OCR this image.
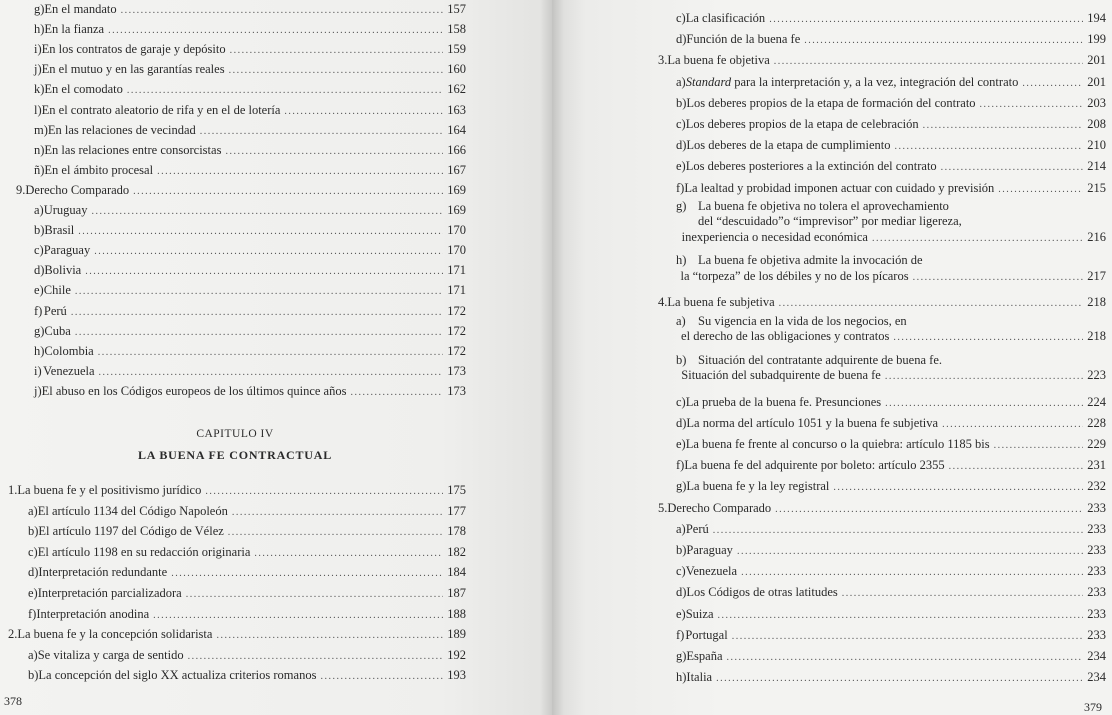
g) En el mandato .....	157
h) En la fianza .....	158
i) En los contratos de garaje y depósito .....	159
j) En el mutuo y en las garantías reales .....	160
k) En el comodato .....	162
l) En el contrato aleatorio de rifa y en el de lotería .....	163
m) En las relaciones de vecindad .....	164
n) En las relaciones entre consorcistas .....	166
ñ) En el ámbito procesal .....	167
9. Derecho Comparado .....	169
a) Uruguay .....	169
b) Brasil .....	170
c) Paraguay .....	170
d) Bolivia .....	171
e) Chile .....	171
f) Perú .....	172
g) Cuba .....	172
h) Colombia .....	172
i) Venezuela .....	173
j) El abuso en los Códigos europeos de los últimos quince años .....	173
CAPITULO IV
LA BUENA FE CONTRACTUAL
1. La buena fe y el positivismo jurídico .....	175
a) El artículo 1134 del Código Napoleón .....	177
b) El artículo 1197 del Código de Vélez .....	178
c) El artículo 1198 en su redacción originaria .....	182
d) Interpretación redundante .....	184
e) Interpretación parcializadora .....	187
f) Interpretación anodina .....	188
2. La buena fe y la concepción solidarista .....	189
a) Se vitaliza y carga de sentido .....	192
b) La concepción del siglo XX actualiza criterios romanos .....	193
378
c) La clasificación .....	194
d) Función de la buena fe .....	199
3. La buena fe objetiva .....	201
a) Standard para la interpretación y, a la vez, integración del contrato .....	201
b) Los deberes propios de la etapa de formación del contrato .....	203
c) Los deberes propios de la etapa de celebración .....	208
d) Los deberes de la etapa de cumplimiento .....	210
e) Los deberes posteriores a la extinción del contrato .....	214
f) La lealtad y probidad imponen actuar con cuidado y previsión .....	215
g) La buena fe objetiva no tolera el aprovechamiento
del “descuidado”o “imprevisor” por mediar ligereza,
inexperiencia o necesidad económica .....	216
h) La buena fe objetiva admite la invocación de
la “torpeza” de los débiles y no de los pícaros .....	217
4. La buena fe subjetiva .....	218
a) Su vigencia en la vida de los negocios, en
el derecho de las obligaciones y contratos .....	218
b) Situación del contratante adquirente de buena fe.
Situación del subadquirente de buena fe .....	223
c) La prueba de la buena fe. Presunciones .....	224
d) La norma del artículo 1051 y la buena fe subjetiva .....	228
e) La buena fe frente al concurso o la quiebra: artículo 1185 bis .....	229
f) La buena fe del adquirente por boleto: artículo 2355 .....	231
g) La buena fe y la ley registral .....	232
5. Derecho Comparado .....	233
a) Perú .....	233
b) Paraguay .....	233
c) Venezuela .....	233
d) Los Códigos de otras latitudes .....	233
e) Suiza .....	233
f) Portugal .....	233
g) España .....	234
h) Italia .....	234
379
